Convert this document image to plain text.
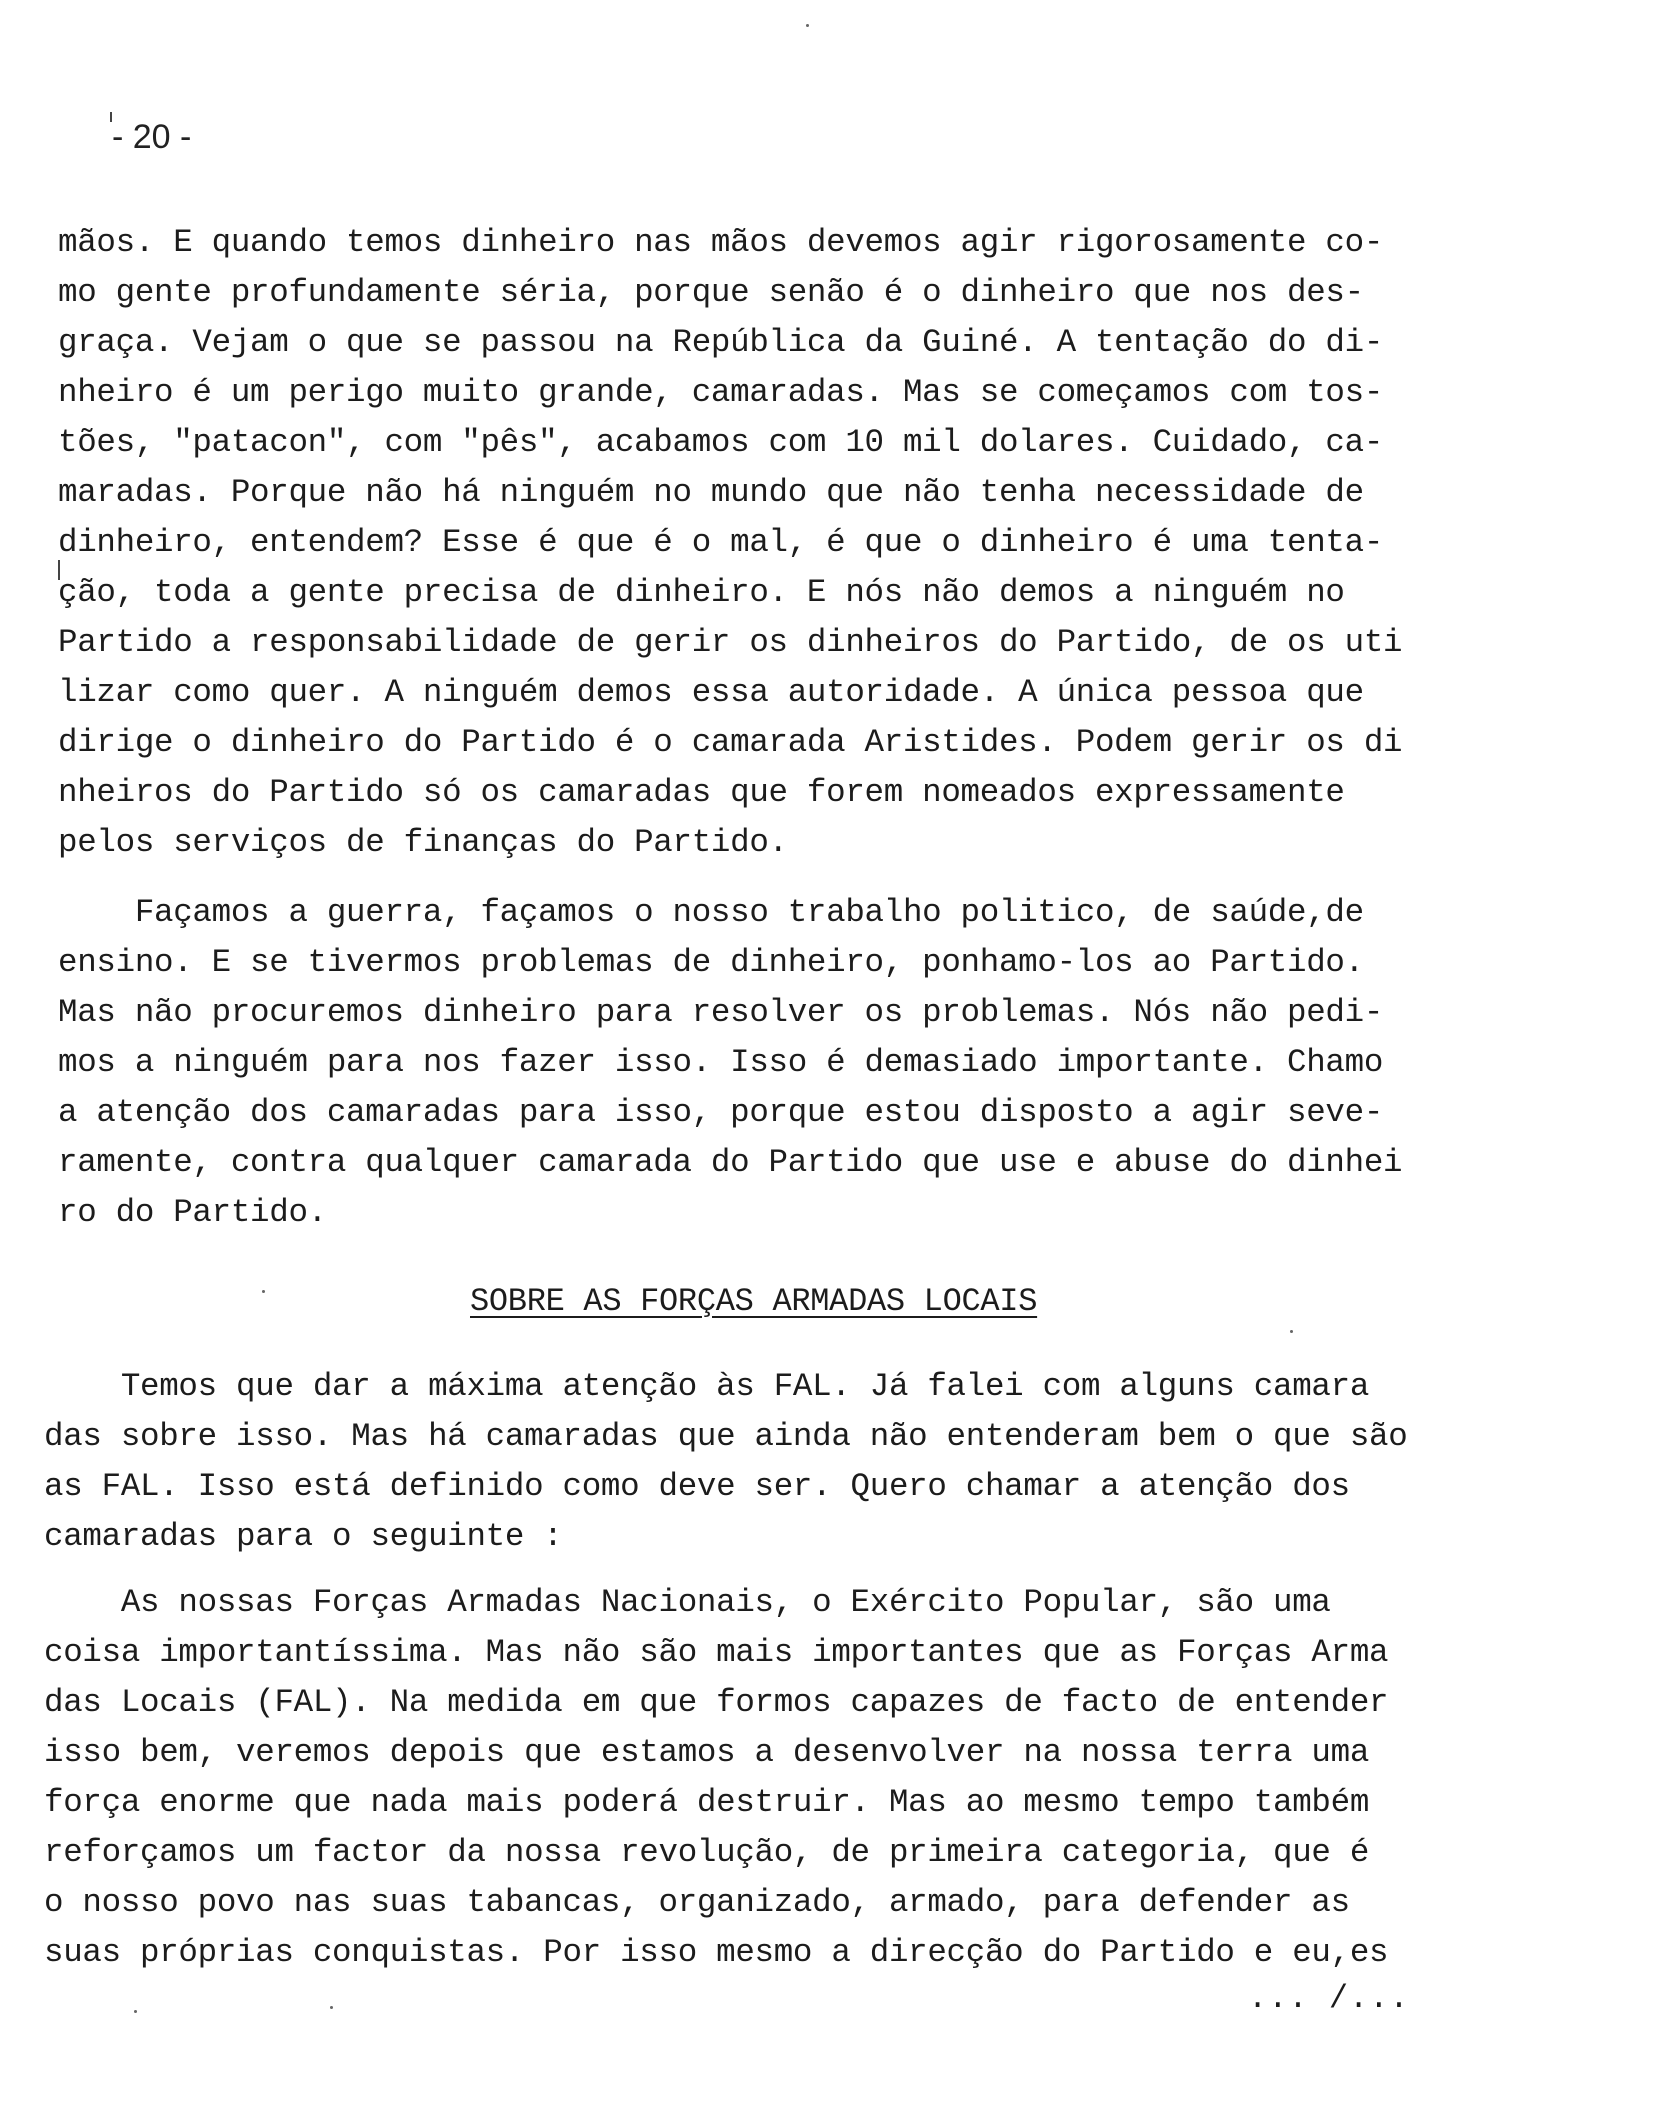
- 20 -
mãos. E quando temos dinheiro nas mãos devemos agir rigorosamente co-
mo gente profundamente séria, porque senão é o dinheiro que nos des-
graça. Vejam o que se passou na República da Guiné. A tentação do di-
nheiro é um perigo muito grande, camaradas. Mas se começamos com tos-
tões, "patacon", com "pês", acabamos com 10 mil dolares. Cuidado, ca-
maradas. Porque não há ninguém no mundo que não tenha necessidade de
dinheiro, entendem? Esse é que é o mal, é que o dinheiro é uma tenta-
ção, toda a gente precisa de dinheiro. E nós não demos a ninguém no
Partido a responsabilidade de gerir os dinheiros do Partido, de os uti
lizar como quer. A ninguém demos essa autoridade. A única pessoa que
dirige o dinheiro do Partido é o camarada Aristides. Podem gerir os di
nheiros do Partido só os camaradas que forem nomeados expressamente
pelos serviços de finanças do Partido.
Façamos a guerra, façamos o nosso trabalho politico, de saúde,de
ensino. E se tivermos problemas de dinheiro, ponhamo-los ao Partido.
Mas não procuremos dinheiro para resolver os problemas. Nós não pedi-
mos a ninguém para nos fazer isso. Isso é demasiado importante. Chamo
a atenção dos camaradas para isso, porque estou disposto a agir seve-
ramente, contra qualquer camarada do Partido que use e abuse do dinhei
ro do Partido.
SOBRE AS FORÇAS ARMADAS LOCAIS
Temos que dar a máxima atenção às FAL. Já falei com alguns camara
das sobre isso. Mas há camaradas que ainda não entenderam bem o que são
as FAL. Isso está definido como deve ser. Quero chamar a atenção dos
camaradas para o seguinte :
As nossas Forças Armadas Nacionais, o Exército Popular, são uma
coisa importantíssima. Mas não são mais importantes que as Forças Arma
das Locais (FAL). Na medida em que formos capazes de facto de entender
isso bem, veremos depois que estamos a desenvolver na nossa terra uma
força enorme que nada mais poderá destruir. Mas ao mesmo tempo também
reforçamos um factor da nossa revolução, de primeira categoria, que é
o nosso povo nas suas tabancas, organizado, armado, para defender as
suas próprias conquistas. Por isso mesmo a direcção do Partido e eu,es
... /...
